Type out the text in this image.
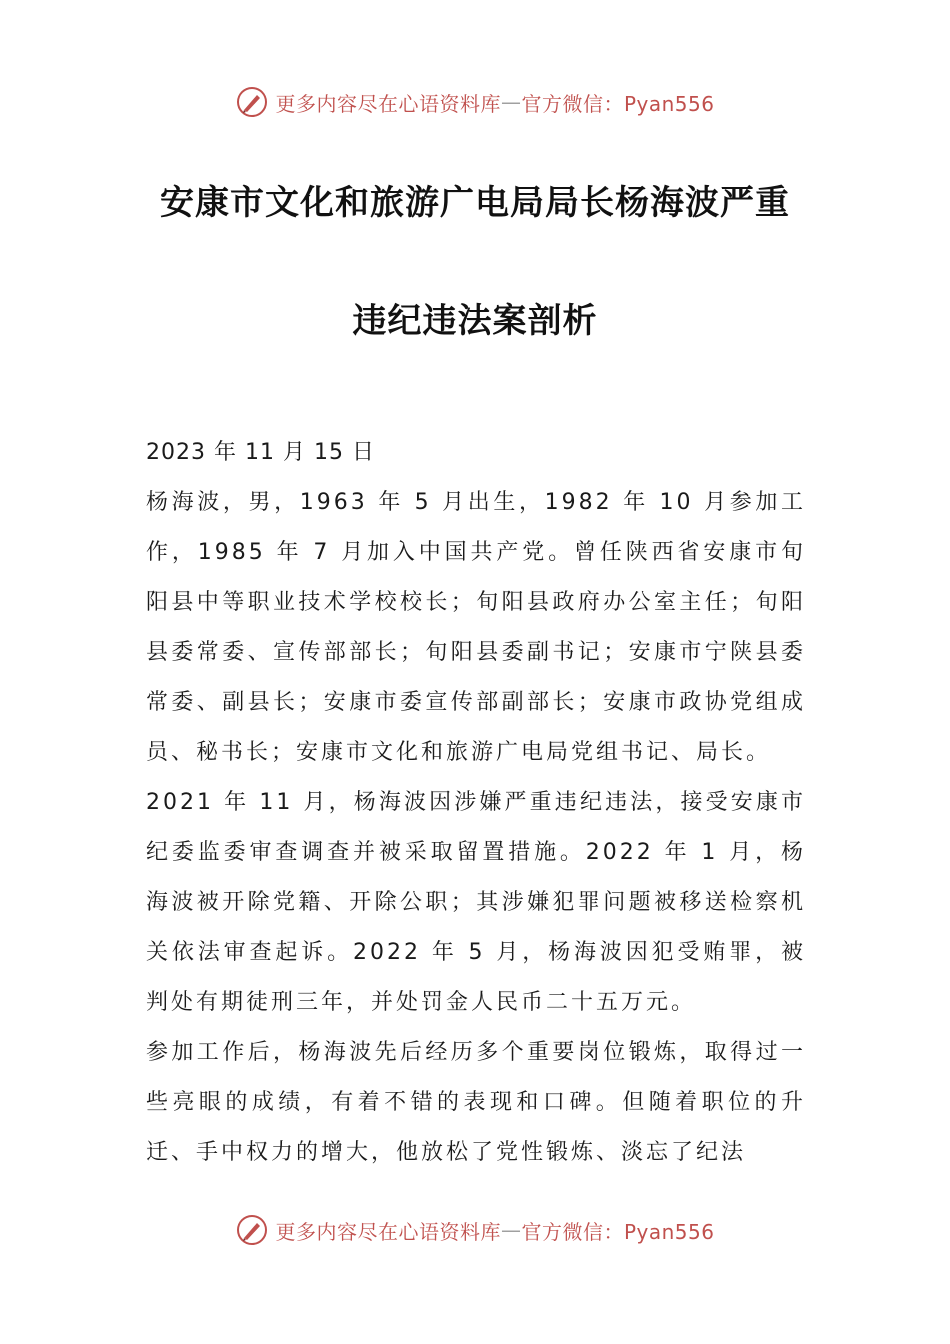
更多内容尽在心语资料库 — 官方微信：Pyan556
安康市文化和旅游广电局局长杨海波严重
违纪违法案剖析

2023 年 11 月 15 日

杨海波，男，1963 年 5 月出生，1982 年 10 月参加工作，1985 年 7 月加入中国共产党。曾任陕西省安康市旬阳县中等职业技术学校校长；旬阳县政府办公室主任；旬阳县委常委、宣传部部长；旬阳县委副书记；安康市宁陕县委常委、副县长；安康市委宣传部副部长；安康市政协党组成员、秘书长；安康市文化和旅游广电局党组书记、局长。

2021 年 11 月，杨海波因涉嫌严重违纪违法，接受安康市纪委监委审查调查并被采取留置措施。2022 年 1 月，杨海波被开除党籍、开除公职；其涉嫌犯罪问题被移送检察机关依法审查起诉。2022 年 5 月，杨海波因犯受贿罪，被判处有期徒刑三年，并处罚金人民币二十五万元。

参加工作后，杨海波先后经历多个重要岗位锻炼，取得过一些亮眼的成绩，有着不错的表现和口碑。但随着职位的升迁、手中权力的增大，他放松了党性锻炼、淡忘了纪法

更多内容尽在心语资料库 — 官方微信：Pyan556
